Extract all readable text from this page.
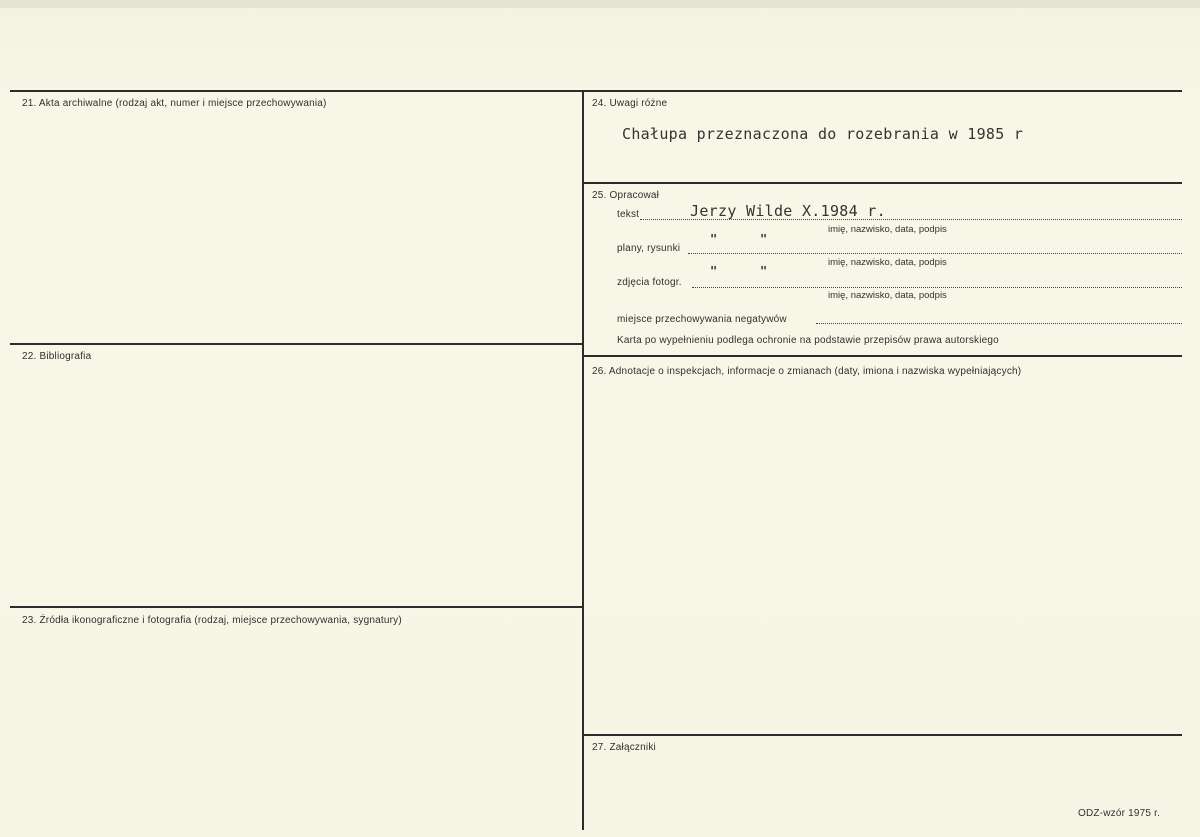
21. Akta archiwalne (rodzaj akt, numer i miejsce przechowywania)
22. Bibliografia
23. Źródła ikonograficzne i fotografia (rodzaj, miejsce przechowywania, sygnatury)
24. Uwagi różne
Chałupa przeznaczona do rozebrania w 1985 r
25. Opracował
tekst	Jerzy Wilde X.1984 r.
imię, nazwisko, data, podpis
plany, rysunki
"	"
imię, nazwisko, data, podpis
zdjęcia fotogr.
"	"
imię, nazwisko, data, podpis
miejsce przechowywania negatywów
Karta po wypełnieniu podlega ochronie na podstawie przepisów prawa autorskiego
26. Adnotacje o inspekcjach, informacje o zmianach (daty, imiona i nazwiska wypełniających)
27. Załączniki
ODZ-wzór 1975 r.
